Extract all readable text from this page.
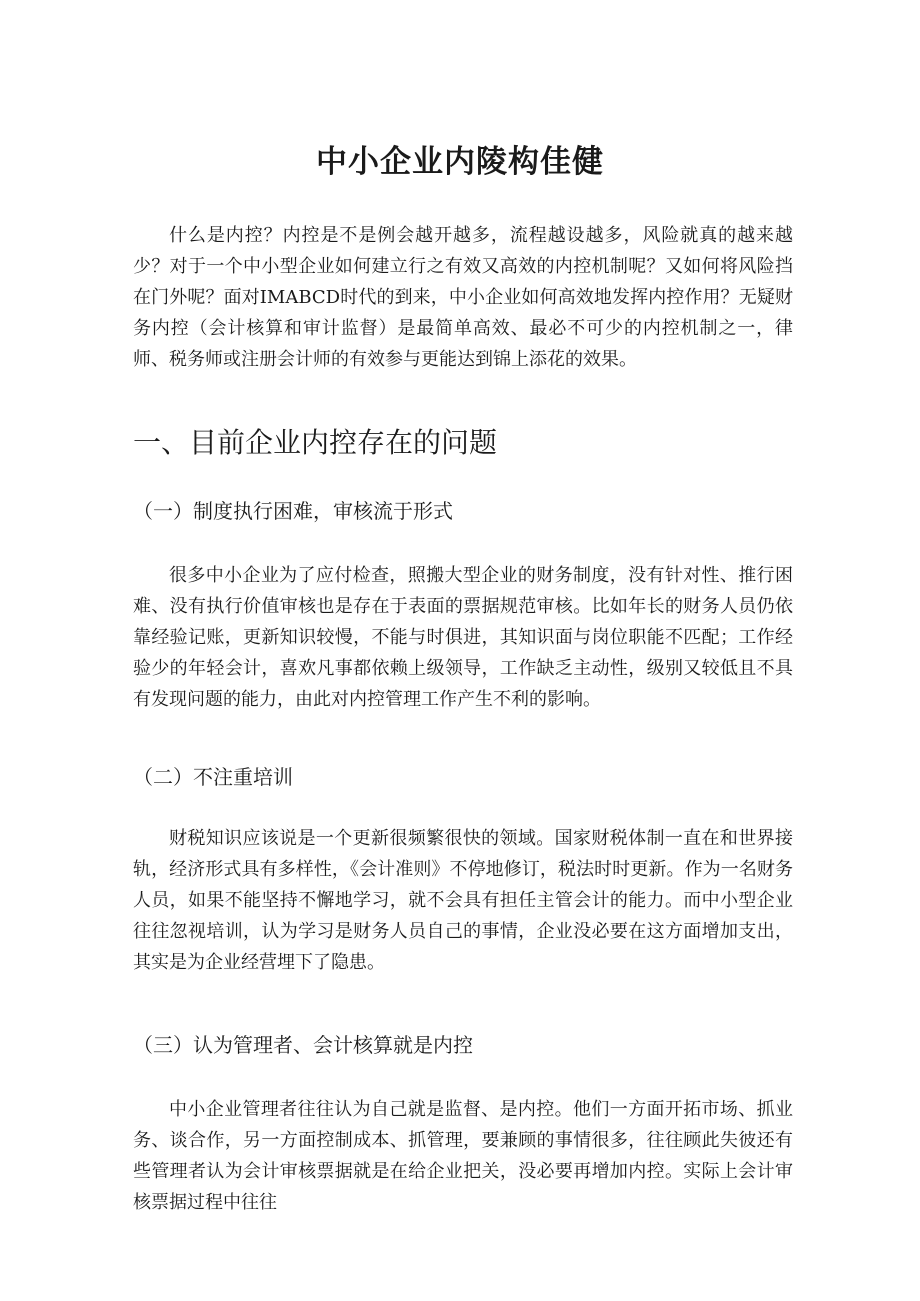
中小企业内陵构佳健

什么是内控？内控是不是例会越开越多，流程越设越多，风险就真的越来越少？对于一个中小型企业如何建立行之有效又高效的内控机制呢？又如何将风险挡在门外呢？面对IMABCD时代的到来，中小企业如何高效地发挥内控作用？无疑财务内控（会计核算和审计监督）是最简单高效、最必不可少的内控机制之一，律师、税务师或注册会计师的有效参与更能达到锦上添花的效果。

一、目前企业内控存在的问题
（一）制度执行困难，审核流于形式

很多中小企业为了应付检查，照搬大型企业的财务制度，没有针对性、推行困难、没有执行价值审核也是存在于表面的票据规范审核。比如年长的财务人员仍依靠经验记账，更新知识较慢，不能与时俱进，其知识面与岗位职能不匹配；工作经验少的年轻会计，喜欢凡事都依赖上级领导，工作缺乏主动性，级别又较低且不具有发现问题的能力，由此对内控管理工作产生不利的影响。

（二）不注重培训

财税知识应该说是一个更新很频繁很快的领域。国家财税体制一直在和世界接轨，经济形式具有多样性，《会计准则》不停地修订，税法时时更新。作为一名财务人员，如果不能坚持不懈地学习，就不会具有担任主管会计的能力。而中小型企业往往忽视培训，认为学习是财务人员自己的事情，企业没必要在这方面增加支出，其实是为企业经营埋下了隐患。

（三）认为管理者、会计核算就是内控

中小企业管理者往往认为自己就是监督、是内控。他们一方面开拓市场、抓业务、谈合作，另一方面控制成本、抓管理，要兼顾的事情很多，往往顾此失彼还有些管理者认为会计审核票据就是在给企业把关，没必要再增加内控。实际上会计审核票据过程中往往
